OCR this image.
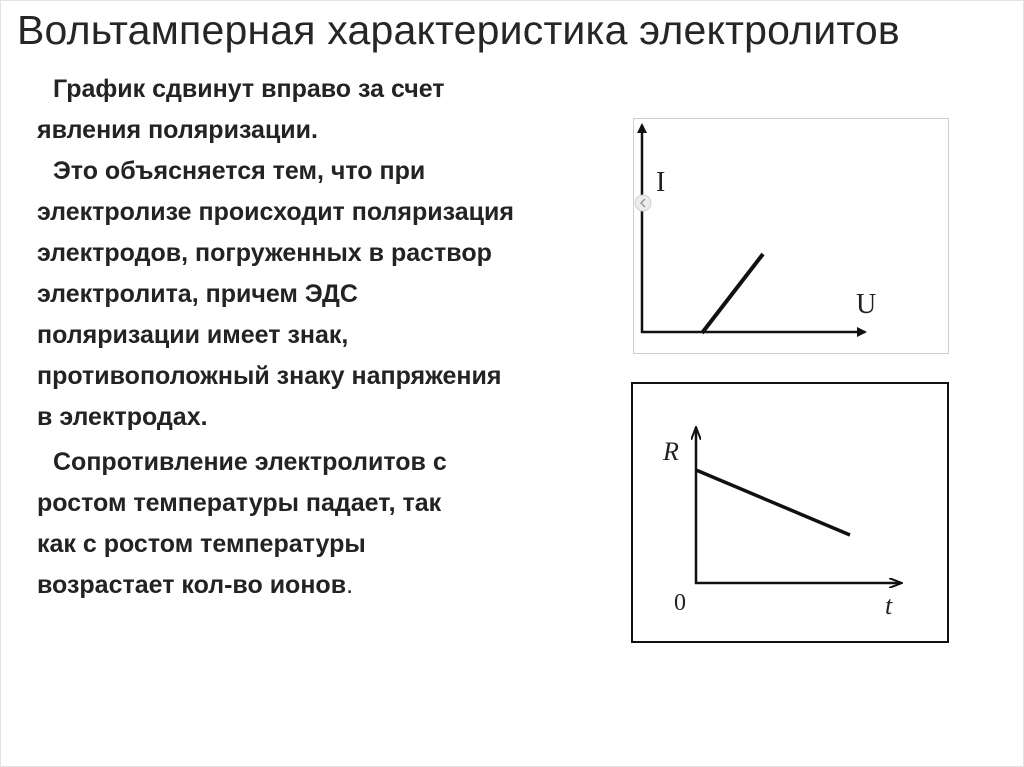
Вольтамперная характеристика электролитов

График сдвинут вправо за счет
явления поляризации.

Это объясняется тем, что при
электролизе происходит поляризация
электродов, погруженных в раствор
электролита, причем ЭДС
поляризации имеет знак,
противоположный знаку напряжения
в электродах.

Сопротивление электролитов с
ростом температуры падает, так
как с ростом температуры
возрастает кол-во ионов.

I
U
R
t
0
